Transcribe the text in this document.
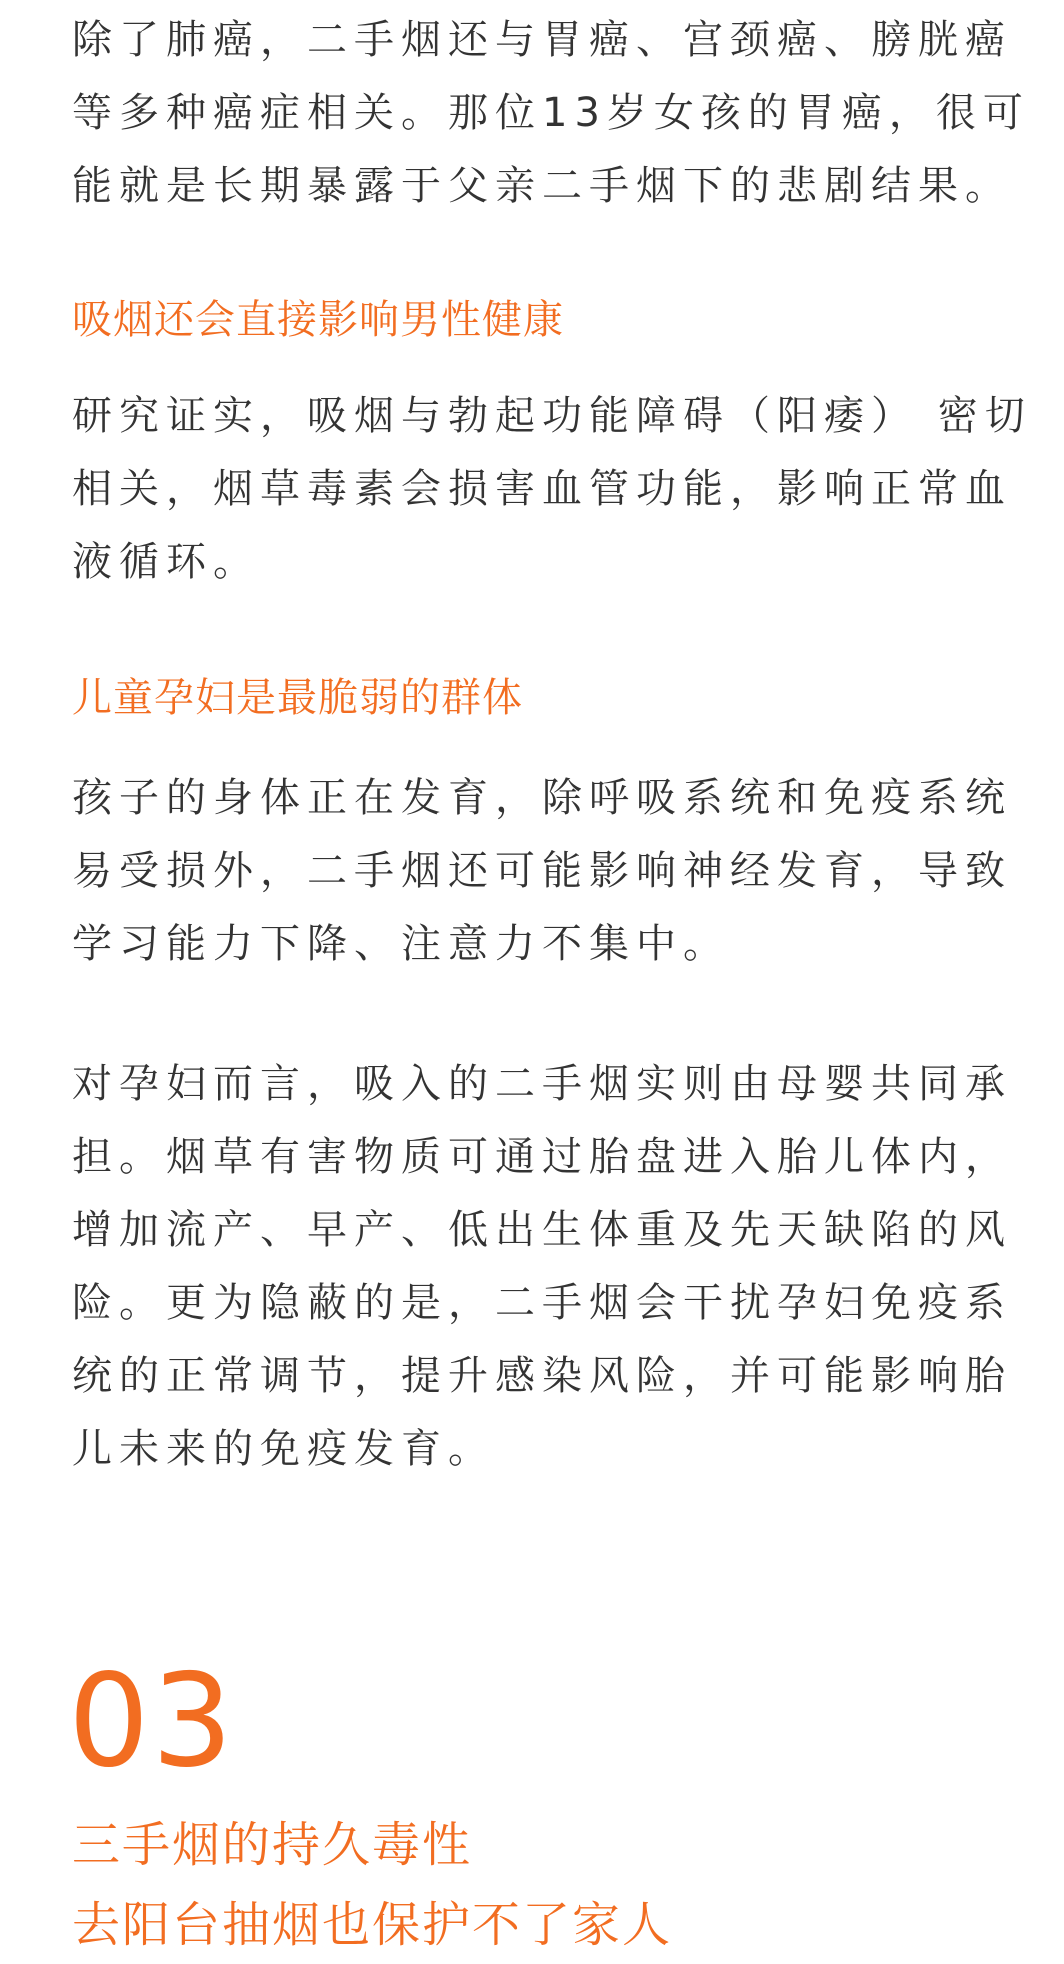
除了肺癌，二手烟还与胃癌、宫颈癌、膀胱癌
等多种癌症相关。那位13岁女孩的胃癌，很可
能就是长期暴露于父亲二手烟下的悲剧结果。

吸烟还会直接影响男性健康

研究证实，吸烟与勃起功能障碍（阳痿） 密切
相关，烟草毒素会损害血管功能，影响正常血
液循环。

儿童孕妇是最脆弱的群体

孩子的身体正在发育，除呼吸系统和免疫系统
易受损外，二手烟还可能影响神经发育，导致
学习能力下降、注意力不集中。

对孕妇而言，吸入的二手烟实则由母婴共同承
担。烟草有害物质可通过胎盘进入胎儿体内，
增加流产、早产、低出生体重及先天缺陷的风
险。更为隐蔽的是，二手烟会干扰孕妇免疫系
统的正常调节，提升感染风险，并可能影响胎
儿未来的免疫发育。

03
三手烟的持久毒性
去阳台抽烟也保护不了家人
